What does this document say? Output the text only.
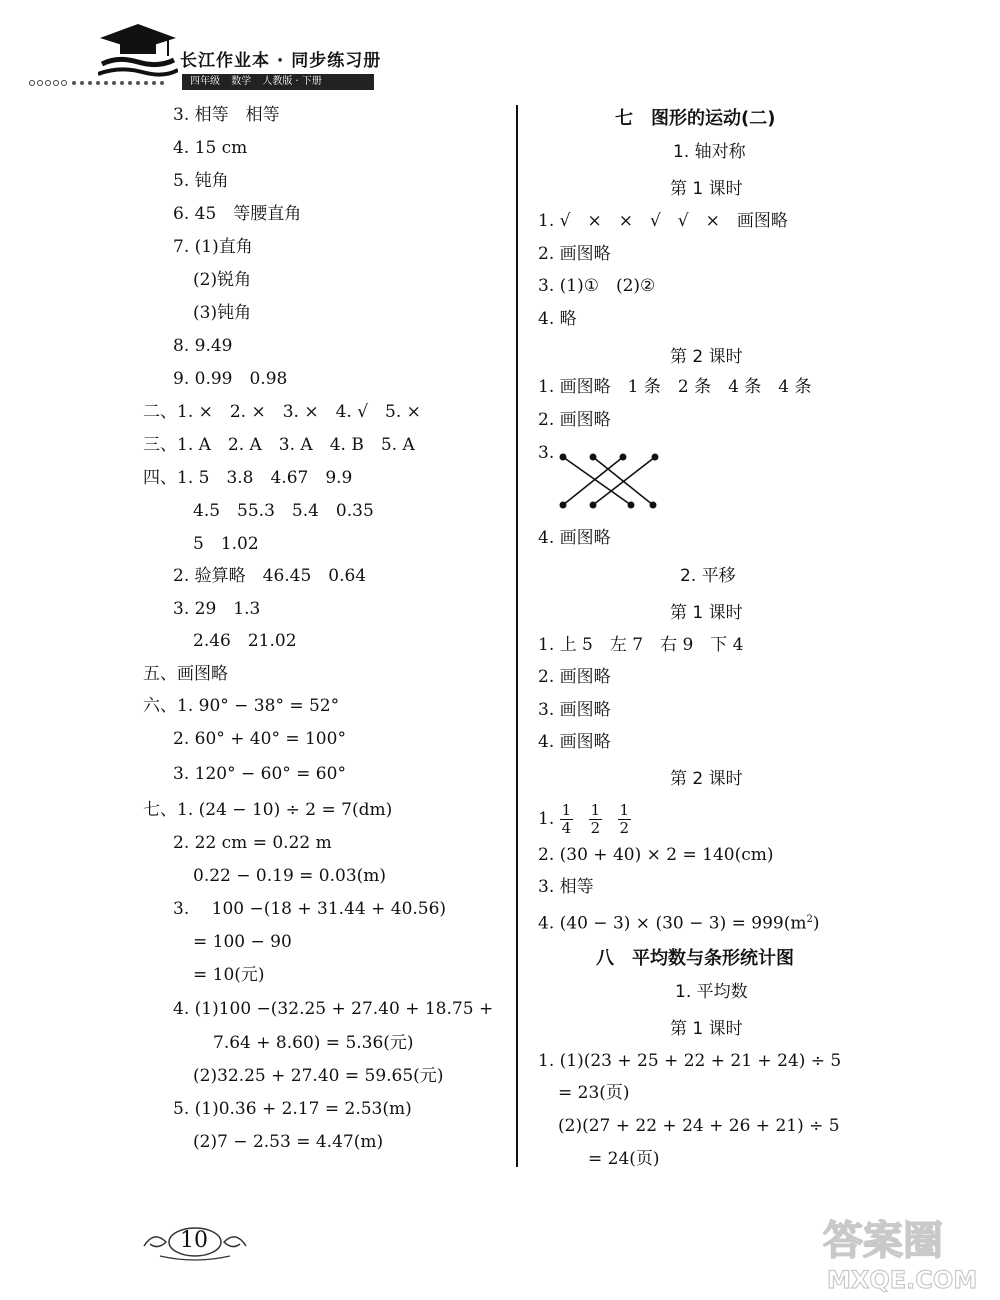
长江作业本 · 同步练习册
四年级 数学 人教版 · 下册
3. 相等　相等
4. 15 cm
5. 钝角
6. 45　等腰直角
7. (1)直角
(2)锐角
(3)钝角
8. 9.49
9. 0.99　0.98
二、1. ×　2. ×　3. ×　4. √　5. ×
三、1. A　2. A　3. A　4. B　5. A
四、1. 5　3.8　4.67　9.9
4.5　55.3　5.4　0.35
5　1.02
2. 验算略　46.45　0.64
3. 29　1.3
2.46　21.02
五、画图略
六、1. 90° − 38° = 52°
2. 60° + 40° = 100°
3. 120° − 60° = 60°
七、1. (24 − 10) ÷ 2 = 7(dm)
2. 22 cm = 0.22 m
0.22 − 0.19 = 0.03(m)
3.　 100 −(18 + 31.44 + 40.56)
= 100 − 90
= 10(元)
4. (1)100 −(32.25 + 27.40 + 18.75 +
7.64 + 8.60) = 5.36(元)
(2)32.25 + 27.40 = 59.65(元)
5. (1)0.36 + 2.17 = 2.53(m)
(2)7 − 2.53 = 4.47(m)
七　图形的运动(二)
1. 轴对称
第 1 课时
1. √　×　×　√　√　×　画图略
2. 画图略
3. (1)①　(2)②
4. 略
第 2 课时
1. 画图略　1 条　2 条　4 条　4 条
2. 画图略
3.
4. 画图略
2. 平移
第 1 课时
1. 上 5　左 7　右 9　下 4
2. 画图略
3. 画图略
4. 画图略
第 2 课时
1. $\frac{1}{4}$
$\frac{1}{2}$
$\frac{1}{2}$
2. (30 + 40) × 2 = 140(cm)
3. 相等
4. $(40 - 3) \times (30 - 3) = 999(m^2)$
八　平均数与条形统计图
1. 平均数
第 1 课时
1. (1)(23 + 25 + 22 + 21 + 24) ÷ 5
= 23(页)
(2)(27 + 22 + 24 + 26 + 21) ÷ 5
= 24(页)
10	答案圈
MXQE.COM
